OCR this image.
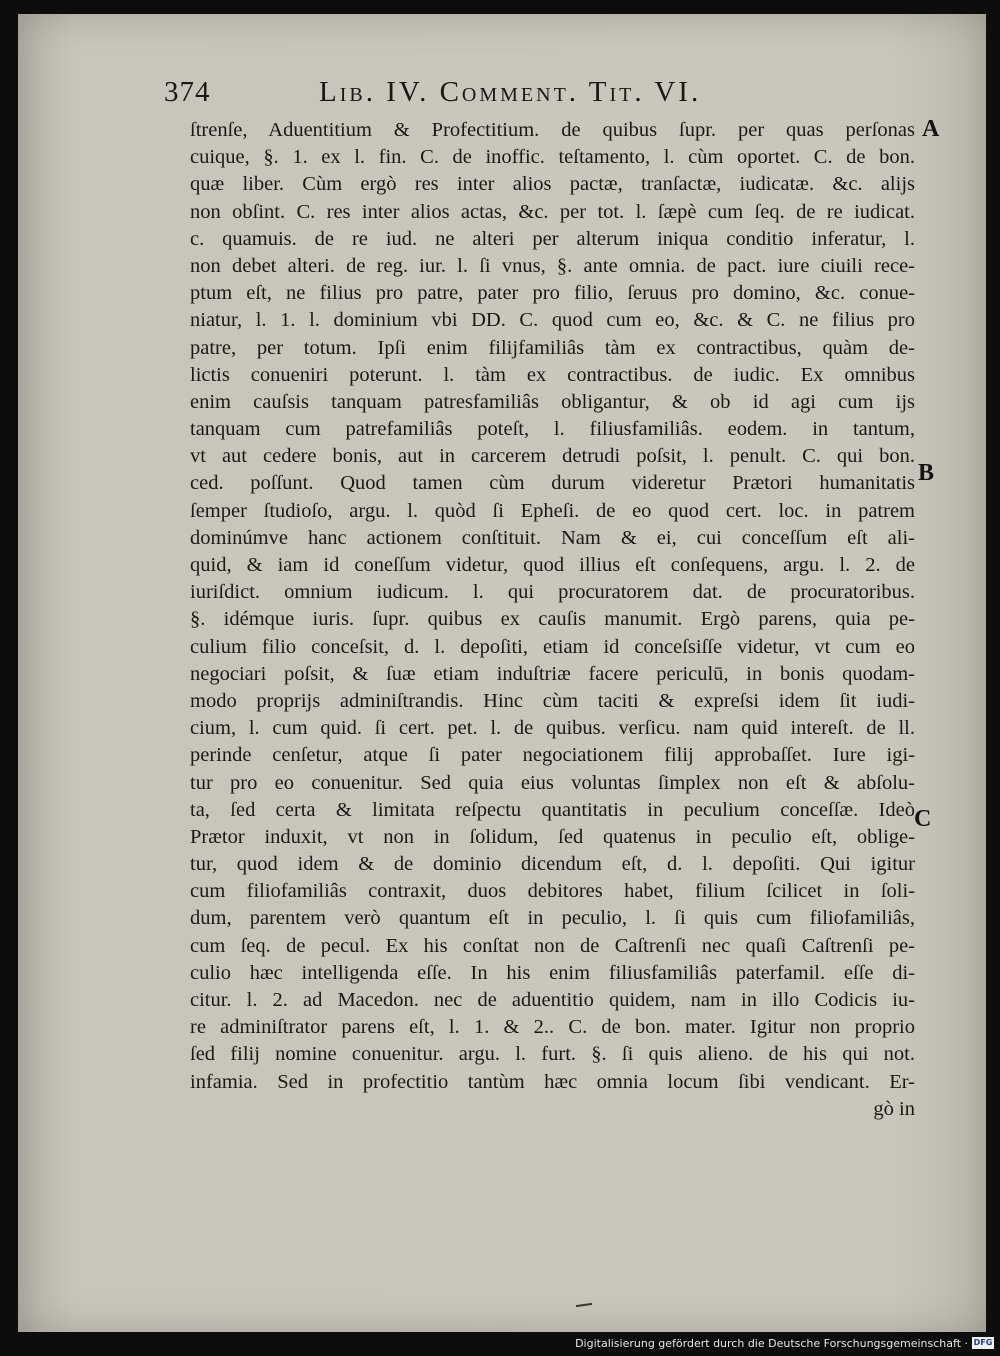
374	Lib. IV. Comment. Tit. VI.
A
B
C
ſtrenſe, Aduentitium & Profectitium. de quibus ſupr. per quas perſonas
cuique, §. 1. ex l. fin. C. de inoffic. teſtamento, l. cùm oportet. C. de bon.
quæ liber. Cùm ergò res inter alios pactæ, tranſactæ, iudicatæ. &c. alijs
non obſint. C. res inter alios actas, &c. per tot. l. ſæpè cum ſeq. de re iudicat.
c. quamuis. de re iud. ne alteri per alterum iniqua conditio inferatur, l.
non debet alteri. de reg. iur. l. ſi vnus, §. ante omnia. de pact. iure ciuili rece-
ptum eſt, ne filius pro patre, pater pro filio, ſeruus pro domino, &c. conue-
niatur, l. 1. l. dominium vbi DD. C. quod cum eo, &c. & C. ne filius pro
patre, per totum. Ipſi enim filijfamiliâs tàm ex contractibus, quàm de-
lictis conueniri poterunt. l. tàm ex contractibus. de iudic. Ex omnibus
enim cauſsis tanquam patresfamiliâs obligantur, & ob id agi cum ijs
tanquam cum patrefamiliâs poteſt, l. filiusfamiliâs. eodem. in tantum,
vt aut cedere bonis, aut in carcerem detrudi poſsit, l. penult. C. qui bon.
ced. poſſunt. Quod tamen cùm durum videretur Prætori humanitatis
ſemper ſtudioſo, argu. l. quòd ſi Epheſi. de eo quod cert. loc. in patrem
dominúmve hanc actionem conſtituit. Nam & ei, cui conceſſum eſt ali-
quid, & iam id coneſſum videtur, quod illius eſt conſequens, argu. l. 2. de
iuriſdict. omnium iudicum. l. qui procuratorem dat. de procuratoribus.
§. idémque iuris. ſupr. quibus ex cauſis manumit. Ergò parens, quia pe-
culium filio conceſsit, d. l. depoſiti, etiam id conceſsiſſe videtur, vt cum eo
negociari poſsit, & ſuæ etiam induſtriæ facere periculū, in bonis quodam-
modo proprijs adminiſtrandis. Hinc cùm taciti & expreſsi idem ſit iudi-
cium, l. cum quid. ſi cert. pet. l. de quibus. verſicu. nam quid intereſt. de ll.
perinde cenſetur, atque ſi pater negociationem filij approbaſſet. Iure igi-
tur pro eo conuenitur. Sed quia eius voluntas ſimplex non eſt & abſolu-
ta, ſed certa & limitata reſpectu quantitatis in peculium conceſſæ. Ideò
Prætor induxit, vt non in ſolidum, ſed quatenus in peculio eſt, oblige-
tur, quod idem & de dominio dicendum eſt, d. l. depoſiti. Qui igitur
cum filiofamiliâs contraxit, duos debitores habet, filium ſcilicet in ſoli-
dum, parentem verò quantum eſt in peculio, l. ſi quis cum filiofamiliâs,
cum ſeq. de pecul. Ex his conſtat non de Caſtrenſi nec quaſi Caſtrenſi pe-
culio hæc intelligenda eſſe. In his enim filiusfamiliâs paterfamil. eſſe di-
citur. l. 2. ad Macedon. nec de aduentitio quidem, nam in illo Codicis iu-
re adminiſtrator parens eſt, l. 1. & 2.. C. de bon. mater. Igitur non proprio
ſed filij nomine conuenitur. argu. l. furt. §. ſi quis alieno. de his qui not.
infamia. Sed in profectitio tantùm hæc omnia locum ſibi vendicant. Er-
gò in
Digitalisierung gefördert durch die Deutsche Forschungsgemeinschaft · DFG
